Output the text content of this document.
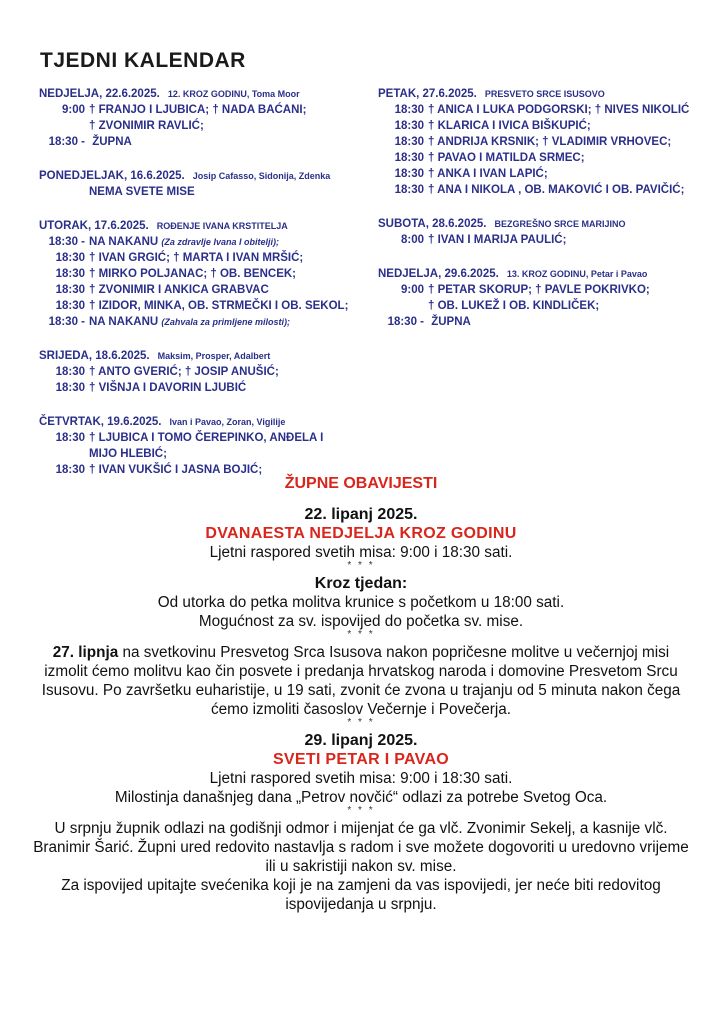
TJEDNI KALENDAR
NEDJELJA, 22.6.2025. 12. KROZ GODINU, Toma Moor
9:00 † FRANJO I LJUBICA; † NADA BAĆANI;
† ZVONIMIR RAVLIĆ;
18:30 - ŽUPNA
PONEDJELJAK, 16.6.2025. Josip Cafasso, Sidonija, Zdenka
NEMA SVETE MISE
UTORAK, 17.6.2025. ROĐENJE IVANA KRSTITELJA
18:30 - NA NAKANU (Za zdravlje Ivana I obitelji);
18:30 † IVAN GRGIĆ; † MARTA I IVAN MRŠIĆ;
18:30 † MIRKO POLJANAC; † OB. BENCEK;
18:30 † ZVONIMIR I ANKICA GRABVAC
18:30 † IZIDOR, MINKA, OB. STRMEČKI I OB. SEKOL;
18:30 - NA NAKANU (Zahvala za primljene milosti);
SRIJEDA, 18.6.2025. Maksim, Prosper, Adalbert
18:30 † ANTO GVERIĆ; † JOSIP ANUŠIĆ;
18:30 † VIŠNJA I DAVORIN LJUBIĆ
ČETVRTAK, 19.6.2025. Ivan i Pavao, Zoran, Vigilije
18:30 † LJUBICA I TOMO ČEREPINKO, ANĐELA I
MIJO HLEBIĆ;
18:30 † IVAN VUKŠIĆ I JASNA BOJIĆ;
PETAK, 27.6.2025. PRESVETO SRCE ISUSOVO
18:30 † ANICA I LUKA PODGORSKI; † NIVES NIKOLIĆ
18:30 † KLARICA I IVICA BIŠKUPIĆ;
18:30 † ANDRIJA KRSNIK; † VLADIMIR VRHOVEC;
18:30 † PAVAO I MATILDA SRMEC;
18:30 † ANKA I IVAN LAPIĆ;
18:30 † ANA I NIKOLA , OB. MAKOVIĆ I OB. PAVIČIĆ;
SUBOTA, 28.6.2025. BEZGREŠNO SRCE MARIJINO
8:00 † IVAN I MARIJA PAULIĆ;
NEDJELJA, 29.6.2025. 13. KROZ GODINU, Petar i Pavao
9:00 † PETAR SKORUP; † PAVLE POKRIVKO;
† OB. LUKEŽ I OB. KINDLIČEK;
18:30 - ŽUPNA

ŽUPNE OBAVIJESTI

22. lipanj 2025.

DVANAESTA NEDJELJA KROZ GODINU

Ljetni raspored svetih misa: 9:00 i 18:30 sati.

* * *

Kroz tjedan:

Od utorka do petka molitva krunice s početkom u 18:00 sati.

Mogućnost za sv. ispovijed do početka sv. mise.

* * *

27. lipnja na svetkovinu Presvetog Srca Isusova nakon popričesne molitve u večernjoj misi izmolit ćemo molitvu kao čin posvete i predanja hrvatskog naroda i domovine Presvetom Srcu Isusovu. Po završetku euharistije, u 19 sati, zvonit će zvona u trajanju od 5 minuta nakon čega ćemo izmoliti časoslov Večernje i Povečerja.

* * *

29. lipanj 2025.

SVETI PETAR I PAVAO

Ljetni raspored svetih misa: 9:00 i 18:30 sati.

Milostinja današnjeg dana „Petrov novčić“ odlazi za potrebe Svetog Oca.

* * *

U srpnju župnik odlazi na godišnji odmor i mijenjat će ga vlč. Zvonimir Sekelj, a kasnije vlč. Branimir Šarić. Župni ured redovito nastavlja s radom i sve možete dogovoriti u uredovno vrijeme ili u sakristiji nakon sv. mise.

Za ispovijed upitajte svećenika koji je na zamjeni da vas ispovijedi, jer neće biti redovitog ispovijedanja u srpnju.
